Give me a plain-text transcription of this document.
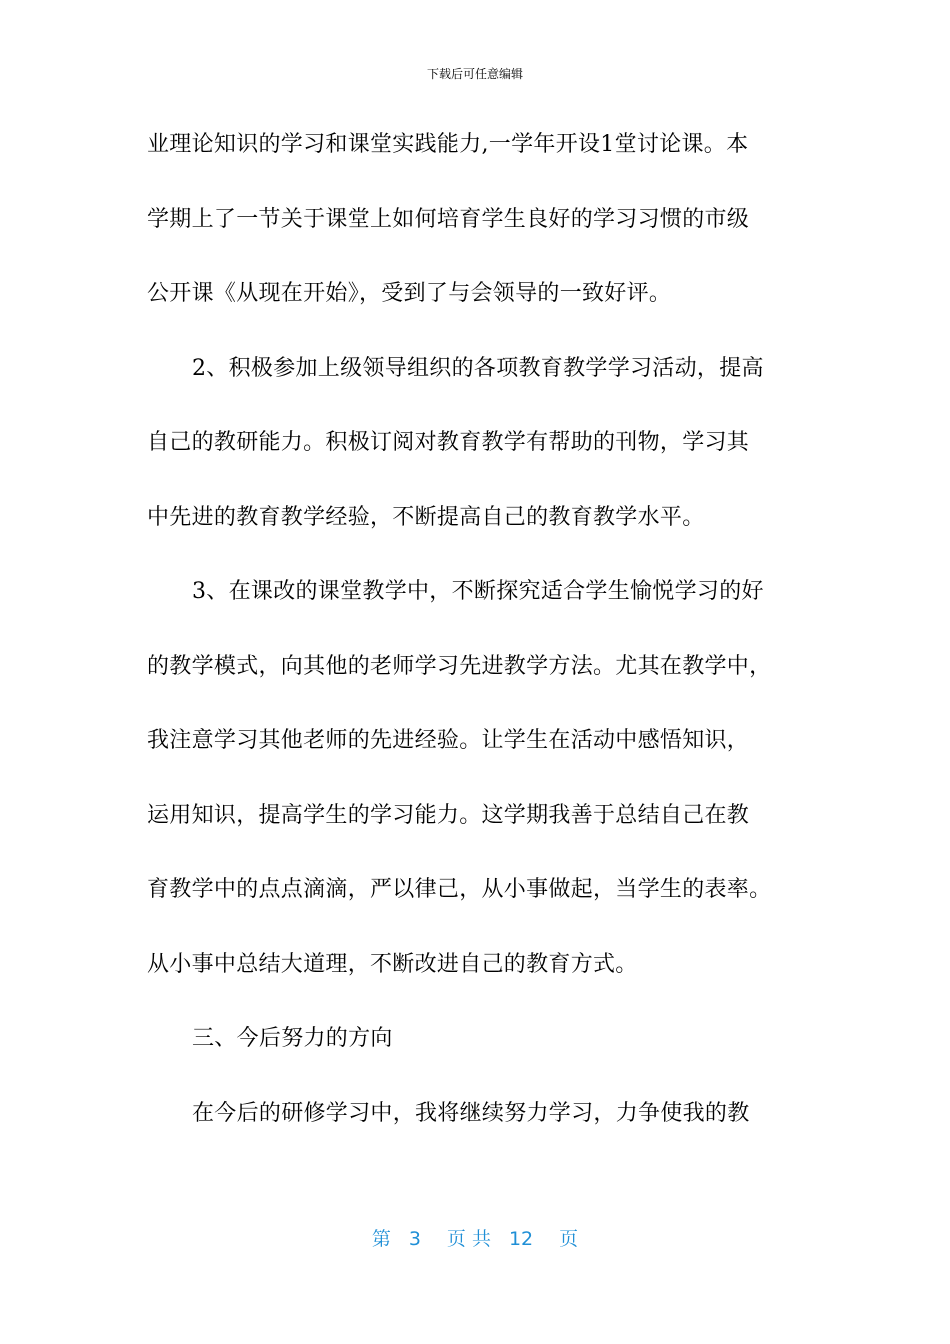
下载后可任意编辑
业理论知识的学习和课堂实践能力,一学年开设1堂讨论课。本
学期上了一节关于课堂上如何培育学生良好的学习习惯的市级
公开课《从现在开始》，受到了与会领导的一致好评。
2、积极参加上级领导组织的各项教育教学学习活动，提高
自己的教研能力。积极订阅对教育教学有帮助的刊物，学习其
中先进的教育教学经验，不断提高自己的教育教学水平。
3、在课改的课堂教学中，不断探究适合学生愉悦学习的好
的教学模式，向其他的老师学习先进教学方法。尤其在教学中，
我注意学习其他老师的先进经验。让学生在活动中感悟知识，
运用知识，提高学生的学习能力。这学期我善于总结自己在教
育教学中的点点滴滴，严以律己，从小事做起，当学生的表率。
从小事中总结大道理，不断改进自己的教育方式。
三、今后努力的方向
在今后的研修学习中，我将继续努力学习，力争使我的教
第 3 页 共 12 页
